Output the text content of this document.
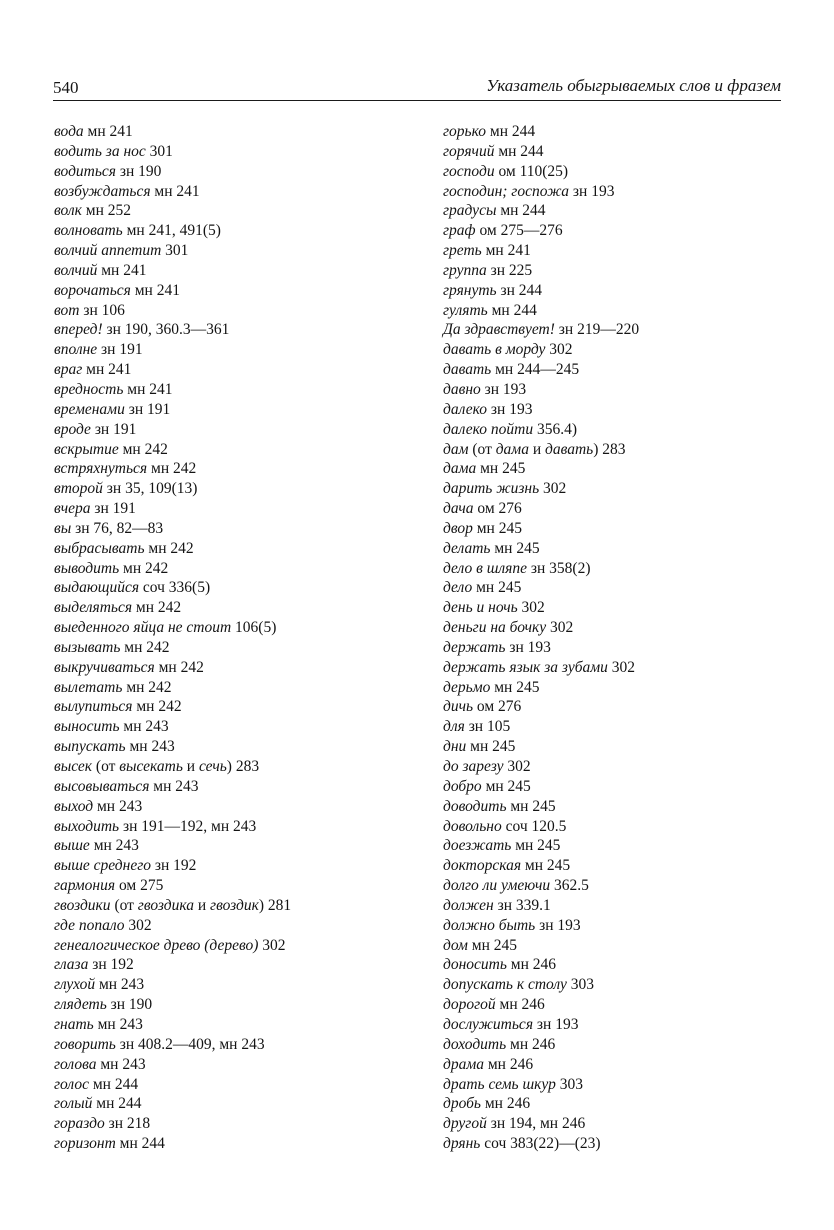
540	Указатель обыгрываемых слов и фразем
вода мн 241
водить за нос 301
водиться зн 190
возбуждаться мн 241
волк мн 252
волновать мн 241, 491(5)
волчий аппетит 301
волчий мн 241
ворочаться мн 241
вот зн 106
вперед! зн 190, 360.3—361
вполне зн 191
враг мн 241
вредность мн 241
временами зн 191
вроде зн 191
вскрытие мн 242
встряхнуться мн 242
второй зн 35, 109(13)
вчера зн 191
вы зн 76, 82—83
выбрасывать мн 242
выводить мн 242
выдающийся соч 336(5)
выделяться мн 242
выеденного яйца не стоит 106(5)
вызывать мн 242
выкручиваться мн 242
вылетать мн 242
вылупиться мн 242
выносить мн 243
выпускать мн 243
высек (от высекать и сечь) 283
высовываться мн 243
выход мн 243
выходить зн 191—192, мн 243
выше мн 243
выше среднего зн 192
гармония ом 275
гвоздики (от гвоздика и гвоздик) 281
где попало 302
генеалогическое древо (дерево) 302
глаза зн 192
глухой мн 243
глядеть зн 190
гнать мн 243
говорить зн 408.2—409, мн 243
голова мн 243
голос мн 244
голый мн 244
гораздо зн 218
горизонт мн 244
горько мн 244
горячий мн 244
господи ом 110(25)
господин; госпожа зн 193
градусы мн 244
граф ом 275—276
греть мн 241
группа зн 225
грянуть зн 244
гулять мн 244
Да здравствует! зн 219—220
давать в морду 302
давать мн 244—245
давно зн 193
далеко зн 193
далеко пойти 356.4)
дам (от дама и давать) 283
дама мн 245
дарить жизнь 302
дача ом 276
двор мн 245
делать мн 245
дело в шляпе зн 358(2)
дело мн 245
день и ночь 302
деньги на бочку 302
держать зн 193
держать язык за зубами 302
дерьмо мн 245
дичь ом 276
для зн 105
дни мн 245
до зарезу 302
добро мн 245
доводить мн 245
довольно соч 120.5
доезжать мн 245
докторская мн 245
долго ли умеючи 362.5
должен зн 339.1
должно быть зн 193
дом мн 245
доносить мн 246
допускать к столу 303
дорогой мн 246
дослужиться зн 193
доходить мн 246
драма мн 246
драть семь шкур 303
дробь мн 246
другой зн 194, мн 246
дрянь соч 383(22)—(23)
